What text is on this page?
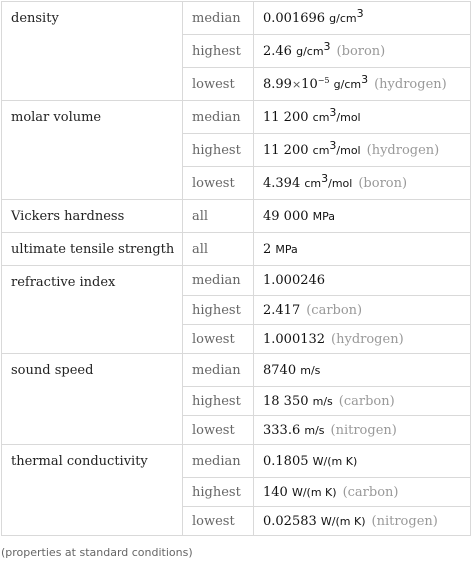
density	median	0.001696 $g/cm^3$
	highest	2.46 $g/cm^3$ (boron)
	lowest	$8.99\times 10^{-5}$ $g/cm^3$ (hydrogen)
molar volume	median	11 200 $cm^3$/mol
	highest	11 200 $cm^3$/mol (hydrogen)
	lowest	4.394 $cm^3$/mol (boron)
Vickers hardness	all	49 000 MPa
ultimate tensile strength	all	2 MPa
refractive index	median	1.000246
	highest	2.417 (carbon)
	lowest	1.000132 (hydrogen)
sound speed	median	8740 m/s
	highest	18 350 m/s (carbon)
	lowest	333.6 m/s (nitrogen)
thermal conductivity	median	0.1805 W/(m K)
	highest	140 W/(m K) (carbon)
	lowest	0.02583 W/(m K) (nitrogen)
(properties at standard conditions)
